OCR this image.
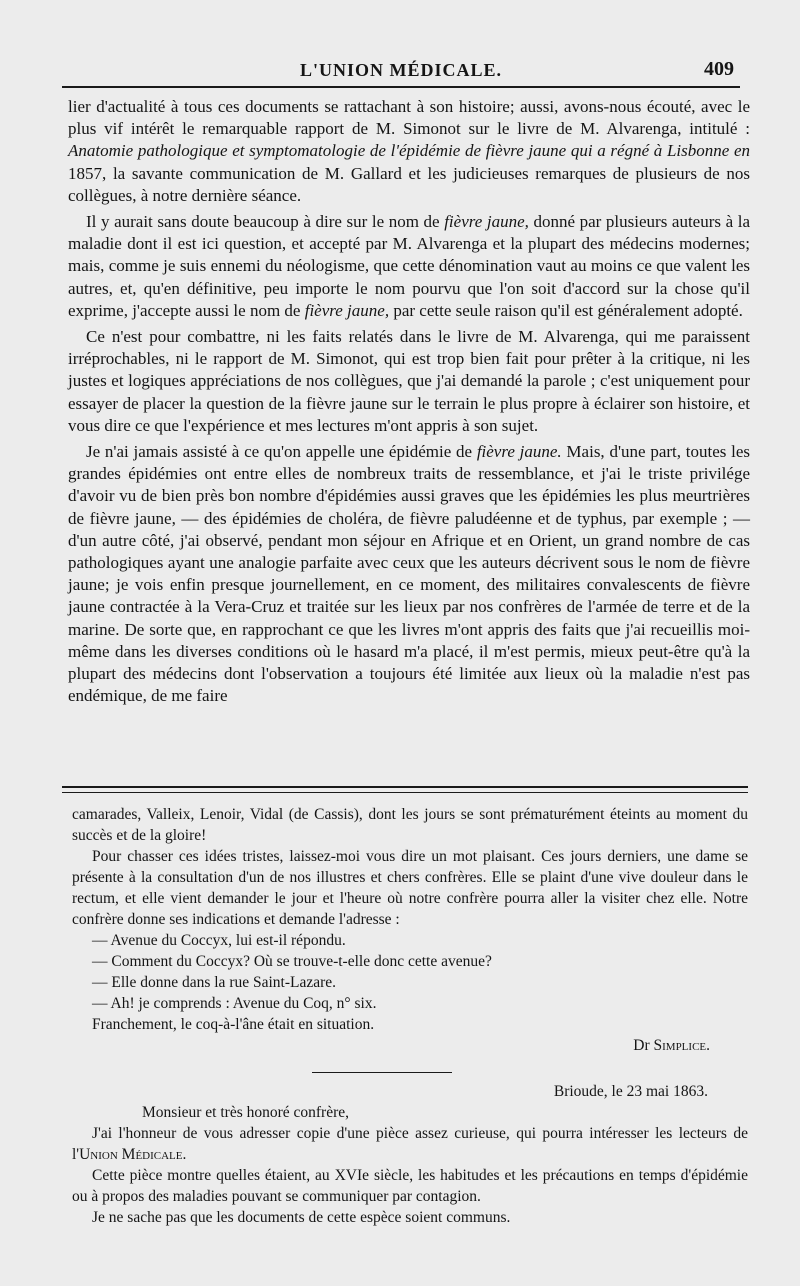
L'UNION MÉDICALE.	409

lier d'actualité à tous ces documents se rattachant à son histoire; aussi, avons-nous écouté, avec le plus vif intérêt le remarquable rapport de M. Simonot sur le livre de M. Alvarenga, intitulé : Anatomie pathologique et symptomatologie de l'épidémie de fièvre jaune qui a régné à Lisbonne en 1857, la savante communication de M. Gallard et les judicieuses remarques de plusieurs de nos collègues, à notre dernière séance.

Il y aurait sans doute beaucoup à dire sur le nom de fièvre jaune, donné par plusieurs auteurs à la maladie dont il est ici question, et accepté par M. Alvarenga et la plupart des médecins modernes; mais, comme je suis ennemi du néologisme, que cette dénomination vaut au moins ce que valent les autres, et, qu'en définitive, peu importe le nom pourvu que l'on soit d'accord sur la chose qu'il exprime, j'accepte aussi le nom de fièvre jaune, par cette seule raison qu'il est généralement adopté.

Ce n'est pour combattre, ni les faits relatés dans le livre de M. Alvarenga, qui me paraissent irréprochables, ni le rapport de M. Simonot, qui est trop bien fait pour prêter à la critique, ni les justes et logiques appréciations de nos collègues, que j'ai demandé la parole ; c'est uniquement pour essayer de placer la question de la fièvre jaune sur le terrain le plus propre à éclairer son histoire, et vous dire ce que l'expérience et mes lectures m'ont appris à son sujet.

Je n'ai jamais assisté à ce qu'on appelle une épidémie de fièvre jaune. Mais, d'une part, toutes les grandes épidémies ont entre elles de nombreux traits de ressemblance, et j'ai le triste privilége d'avoir vu de bien près bon nombre d'épidémies aussi graves que les épidémies les plus meurtrières de fièvre jaune, — des épidémies de choléra, de fièvre paludéenne et de typhus, par exemple ; — d'un autre côté, j'ai observé, pendant mon séjour en Afrique et en Orient, un grand nombre de cas pathologiques ayant une analogie parfaite avec ceux que les auteurs décrivent sous le nom de fièvre jaune; je vois enfin presque journellement, en ce moment, des militaires convalescents de fièvre jaune contractée à la Vera-Cruz et traitée sur les lieux par nos confrères de l'armée de terre et de la marine. De sorte que, en rapprochant ce que les livres m'ont appris des faits que j'ai recueillis moi-même dans les diverses conditions où le hasard m'a placé, il m'est permis, mieux peut-être qu'à la plupart des médecins dont l'observation a toujours été limitée aux lieux où la maladie n'est pas endémique, de me faire

camarades, Valleix, Lenoir, Vidal (de Cassis), dont les jours se sont prématurément éteints au moment du succès et de la gloire!

Pour chasser ces idées tristes, laissez-moi vous dire un mot plaisant. Ces jours derniers, une dame se présente à la consultation d'un de nos illustres et chers confrères. Elle se plaint d'une vive douleur dans le rectum, et elle vient demander le jour et l'heure où notre confrère pourra aller la visiter chez elle. Notre confrère donne ses indications et demande l'adresse :

— Avenue du Coccyx, lui est-il répondu.

— Comment du Coccyx? Où se trouve-t-elle donc cette avenue?

— Elle donne dans la rue Saint-Lazare.

— Ah! je comprends : Avenue du Coq, n° six.

Franchement, le coq-à-l'âne était en situation.

Dr Simplice.

Brioude, le 23 mai 1863.

Monsieur et très honoré confrère,

J'ai l'honneur de vous adresser copie d'une pièce assez curieuse, qui pourra intéresser les lecteurs de l'Union Médicale.

Cette pièce montre quelles étaient, au XVIe siècle, les habitudes et les précautions en temps d'épidémie ou à propos des maladies pouvant se communiquer par contagion.

Je ne sache pas que les documents de cette espèce soient communs.
